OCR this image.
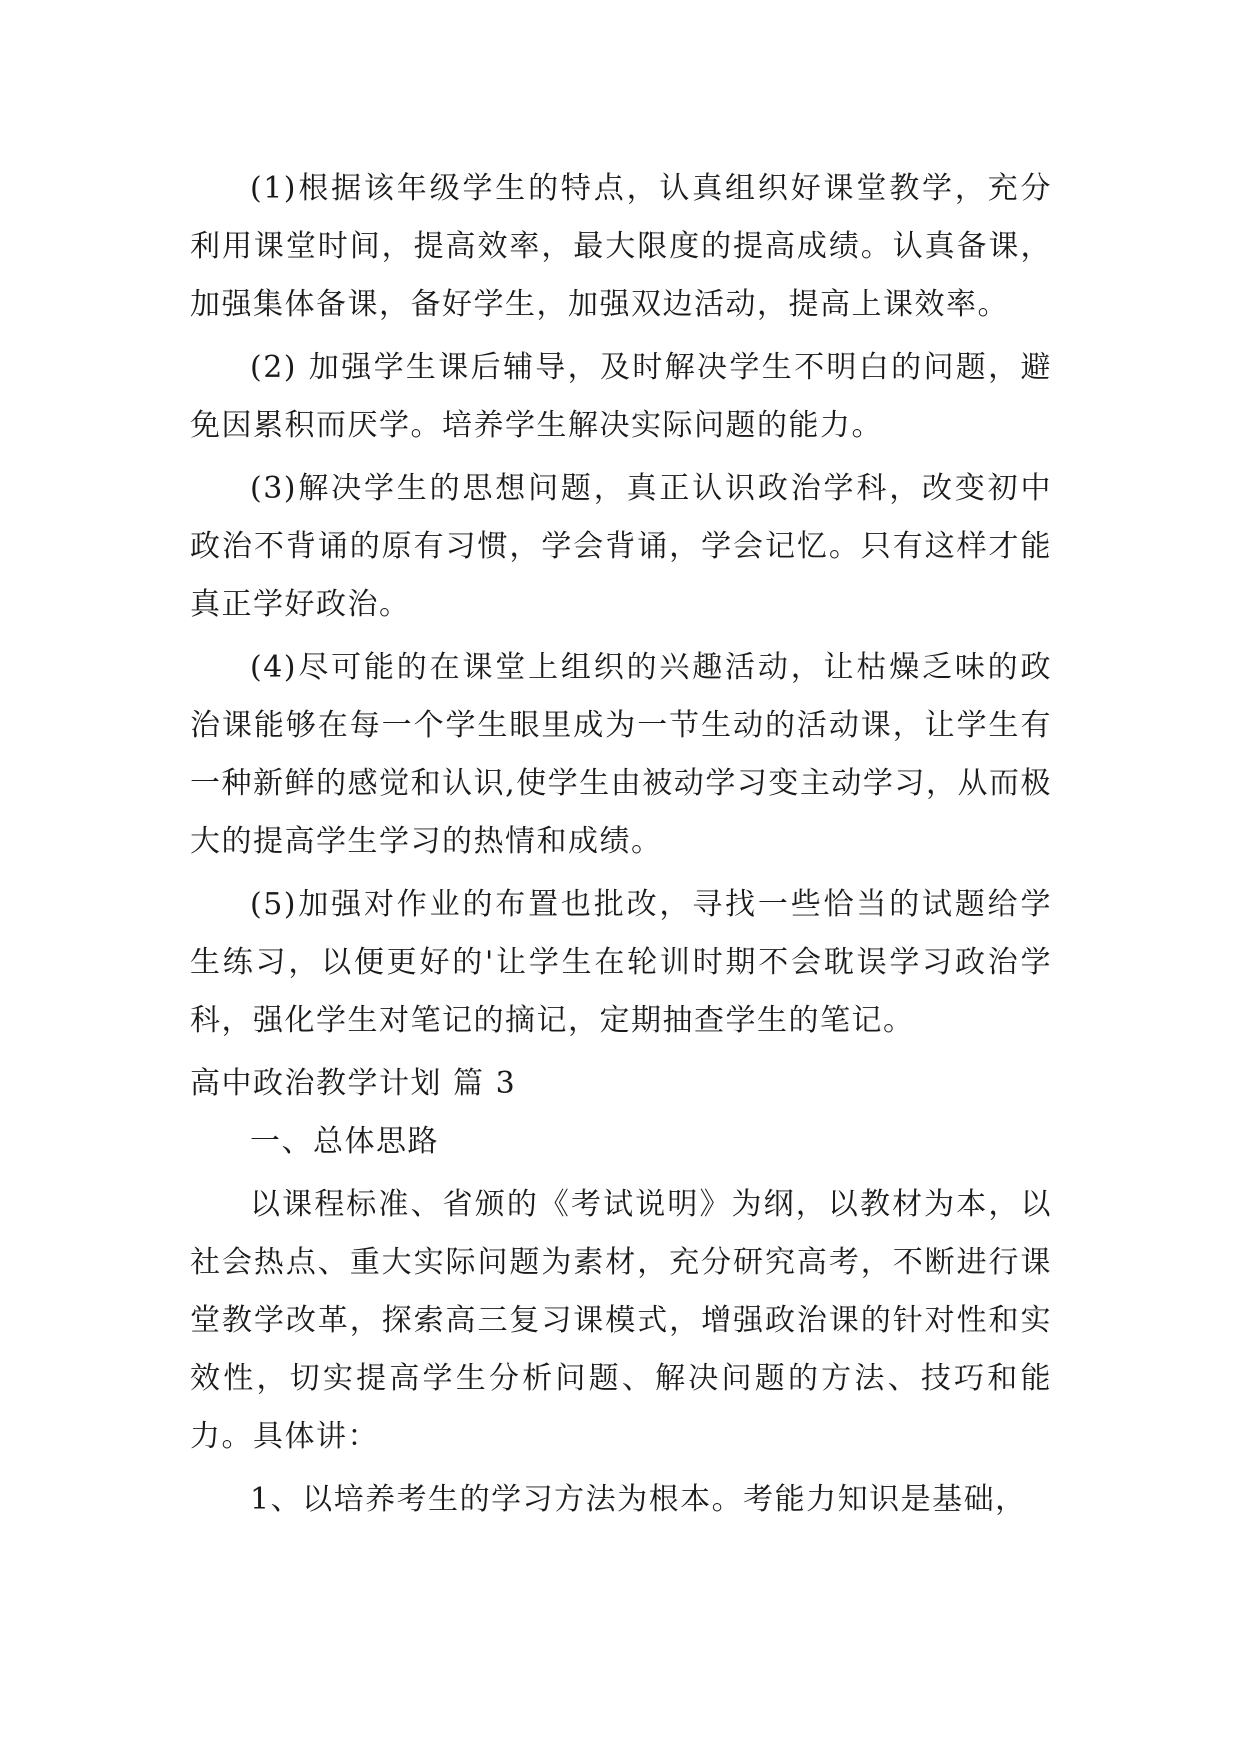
(1)根据该年级学生的特点，认真组织好课堂教学，充分利用课堂时间，提高效率，最大限度的提高成绩。认真备课，加强集体备课，备好学生，加强双边活动，提高上课效率。

(2) 加强学生课后辅导，及时解决学生不明白的问题，避免因累积而厌学。培养学生解决实际问题的能力。

(3)解决学生的思想问题，真正认识政治学科，改变初中政治不背诵的原有习惯，学会背诵，学会记忆。只有这样才能真正学好政治。

(4)尽可能的在课堂上组织的兴趣活动，让枯燥乏味的政治课能够在每一个学生眼里成为一节生动的活动课，让学生有一种新鲜的感觉和认识,使学生由被动学习变主动学习，从而极大的提高学生学习的热情和成绩。

(5)加强对作业的布置也批改，寻找一些恰当的试题给学生练习，以便更好的'让学生在轮训时期不会耽误学习政治学科，强化学生对笔记的摘记，定期抽查学生的笔记。

高中政治教学计划 篇 3

一、总体思路

以课程标准、省颁的《考试说明》为纲，以教材为本，以社会热点、重大实际问题为素材，充分研究高考，不断进行课堂教学改革，探索高三复习课模式，增强政治课的针对性和实效性，切实提高学生分析问题、解决问题的方法、技巧和能力。具体讲：

1、以培养考生的学习方法为根本。考能力知识是基础，
